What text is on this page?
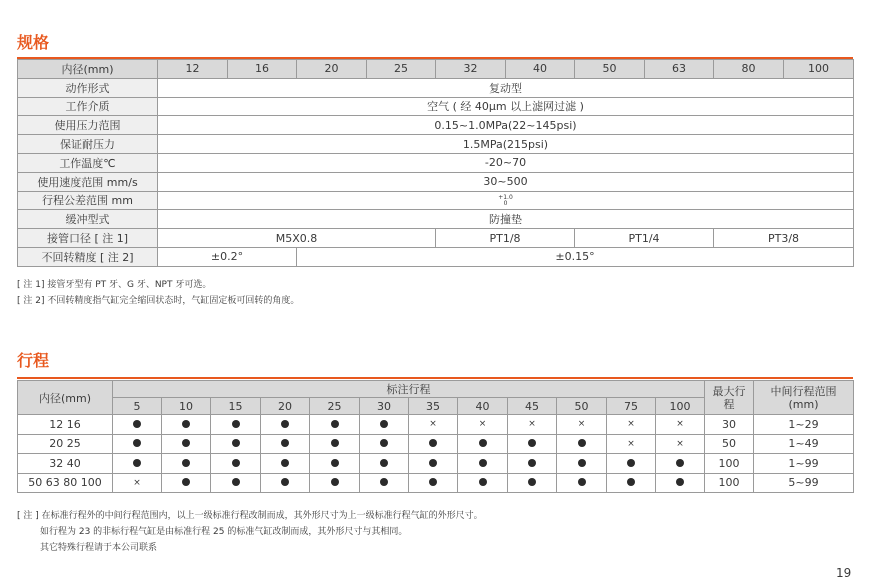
规格
内径(mm)	12	16	20	25	32	40	50	63	80	100
动作形式	复动型									
工作介质	空气 ( 经 40μm 以上滤网过滤 )									
使用压力范围	0.15~1.0MPa(22~145psi)									
保证耐压力	1.5MPa(215psi)									
工作温度℃	-20~70									
使用速度范围 mm/s	30~500									
行程公差范围 mm	+1.0
0									

缓冲型式	防撞垫									
接管口径 [ 注 1]	M5X0.8				PT1/8		PT1/4		PT3/8	
不回转精度 [ 注 2]	±0.2°		±0.15°							
[ 注 1] 接管牙型有 PT 牙、G 牙、NPT 牙可选。
[ 注 2] 不回转精度指气缸完全缩回状态时，气缸固定板可回转的角度。
行程
内径(mm)	标注行程												最大行程	中间行程范围(mm)
	5	10	15	20	25	30	35	40	45	50	75	100		
12 16							×	×	×	×	×	×	30	1~29
20 25											×	×	50	1~49
32 40													100	1~99
50 63 80 100	×												100	5~99
[ 注 ] 在标准行程外的中间行程范围内，以上一级标准行程改制而成，其外形尺寸为上一级标准行程气缸的外形尺寸。
如行程为 23 的非标行程气缸是由标准行程 25 的标准气缸改制而成，其外形尺寸与其相同。
其它特殊行程请于本公司联系
19
